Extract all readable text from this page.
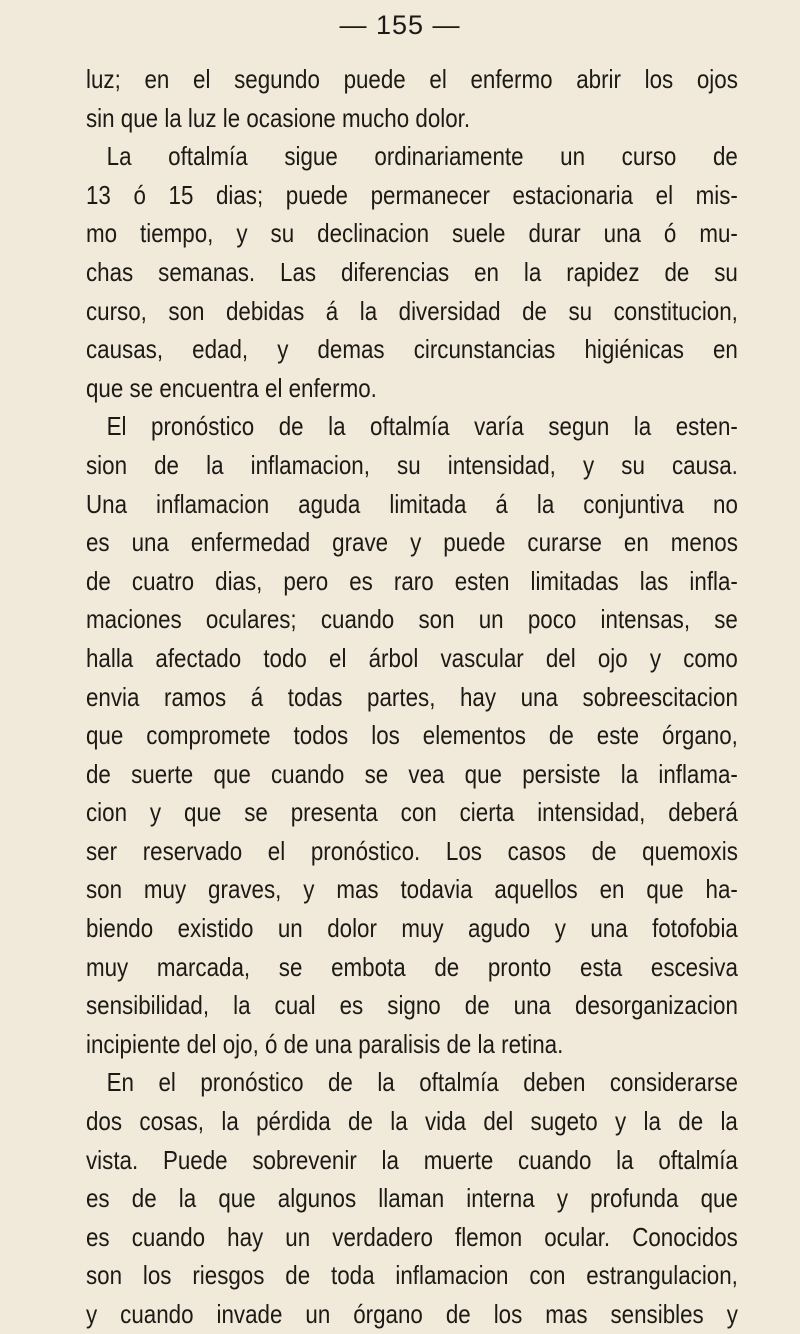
— 155 —
luz; en el segundo puede el enfermo abrir los ojos
sin que la luz le ocasione mucho dolor.
La oftalmía sigue ordinariamente un curso de
13 ó 15 dias; puede permanecer estacionaria el mis-
mo tiempo, y su declinacion suele durar una ó mu-
chas semanas. Las diferencias en la rapidez de su
curso, son debidas á la diversidad de su constitucion,
causas, edad, y demas circunstancias higiénicas en
que se encuentra el enfermo.
El pronóstico de la oftalmía varía segun la esten-
sion de la inflamacion, su intensidad, y su causa.
Una inflamacion aguda limitada á la conjuntiva no
es una enfermedad grave y puede curarse en menos
de cuatro dias, pero es raro esten limitadas las infla-
maciones oculares; cuando son un poco intensas, se
halla afectado todo el árbol vascular del ojo y como
envia ramos á todas partes, hay una sobreescitacion
que compromete todos los elementos de este órgano,
de suerte que cuando se vea que persiste la inflama-
cion y que se presenta con cierta intensidad, deberá
ser reservado el pronóstico. Los casos de quemoxis
son muy graves, y mas todavia aquellos en que ha-
biendo existido un dolor muy agudo y una fotofobia
muy marcada, se embota de pronto esta escesiva
sensibilidad, la cual es signo de una desorganizacion
incipiente del ojo, ó de una paralisis de la retina.
En el pronóstico de la oftalmía deben considerarse
dos cosas, la pérdida de la vida del sugeto y la de la
vista. Puede sobrevenir la muerte cuando la oftalmía
es de la que algunos llaman interna y profunda que
es cuando hay un verdadero flemon ocular. Conocidos
son los riesgos de toda inflamacion con estrangulacion,
y cuando invade un órgano de los mas sensibles y
